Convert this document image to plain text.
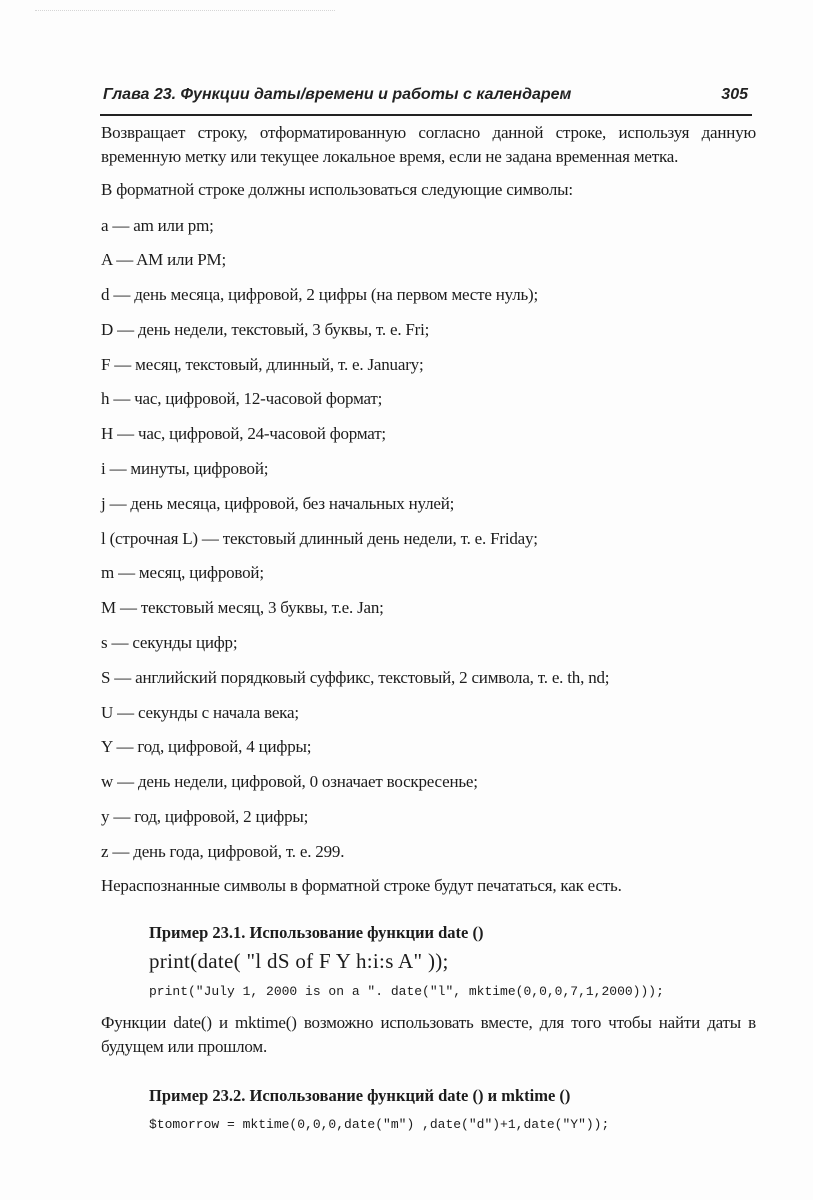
Глава 23. Функции даты/времени и работы с календарем	305

Возвращает строку, отформатированную согласно данной строке, используя данную временную метку или текущее локальное время, если не задана временная метка.

В форматной строке должны использоваться следующие символы:

a — am или pm;
A — AM или PM;
d — день месяца, цифровой, 2 цифры (на первом месте нуль);
D — день недели, текстовый, 3 буквы, т. е. Fri;
F — месяц, текстовый, длинный, т. е. January;
h — час, цифровой, 12-часовой формат;
H — час, цифровой, 24-часовой формат;
i — минуты, цифровой;
j — день месяца, цифровой, без начальных нулей;
l (строчная L) — текстовый длинный день недели, т. е. Friday;
m — месяц, цифровой;
M — текстовый месяц, 3 буквы, т.е. Jan;
s — секунды цифр;
S — английский порядковый суффикс, текстовый, 2 символа, т. е. th, nd;
U — секунды с начала века;
Y — год, цифровой, 4 цифры;
w — день недели, цифровой, 0 означает воскресенье;
y — год, цифровой, 2 цифры;
z — день года, цифровой, т. е. 299.

Нераспознанные символы в форматной строке будут печататься, как есть.

Пример 23.1. Использование функции date ()
print(date( "l dS of F Y h:i:s A" ));
print("July 1, 2000 is on a ". date("l", mktime(0,0,0,7,1,2000)));

Функции date() и mktime() возможно использовать вместе, для того чтобы найти даты в будущем или прошлом.

Пример 23.2. Использование функций date () и mktime ()
$tomorrow = mktime(0,0,0,date("m") ,date("d")+1,date("Y"));
